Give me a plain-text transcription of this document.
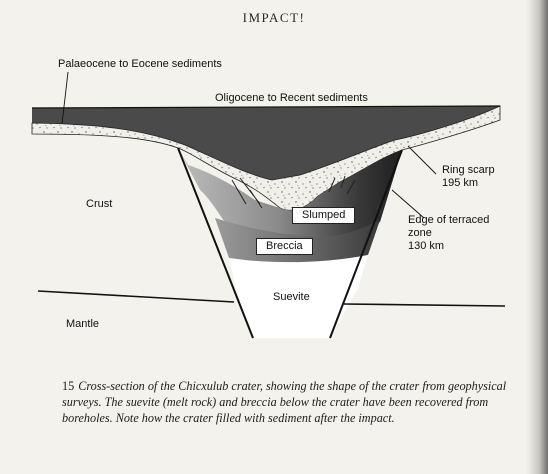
IMPACT!
Palaeocene to Eocene sediments
Oligocene to Recent sediments
Crust
Mantle
Slumped
Breccia
Suevite
Ring scarp
195 km
Edge of terraced
zone
130 km
15 Cross-section of the Chicxulub crater, showing the shape of the crater from geophysical surveys. The suevite (melt rock) and breccia below the crater have been recovered from boreholes. Note how the crater filled with sediment after the impact.
